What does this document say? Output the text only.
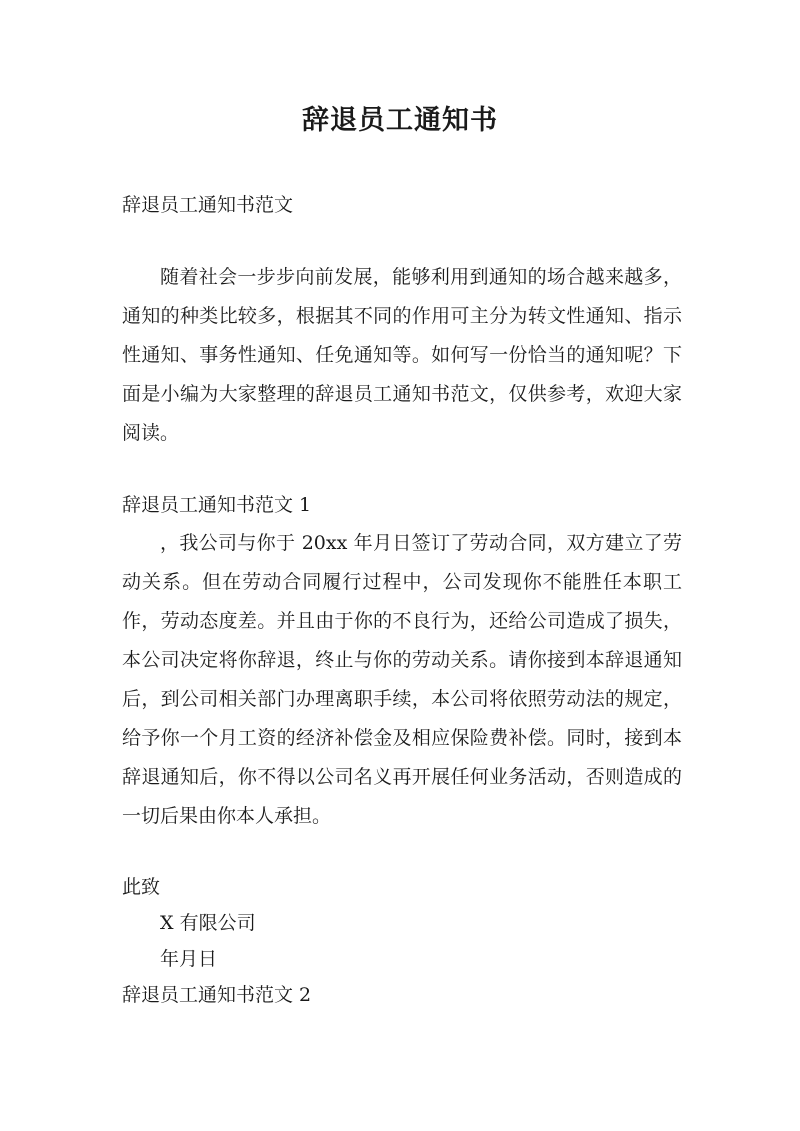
辞退员工通知书

辞退员工通知书范文

随着社会一步步向前发展，能够利用到通知的场合越来越多，通知的种类比较多，根据其不同的作用可主分为转文性通知、指示性通知、事务性通知、任免通知等。如何写一份恰当的通知呢？下面是小编为大家整理的辞退员工通知书范文，仅供参考，欢迎大家阅读。

辞退员工通知书范文 1

，我公司与你于 20xx 年月日签订了劳动合同，双方建立了劳动关系。但在劳动合同履行过程中，公司发现你不能胜任本职工作，劳动态度差。并且由于你的不良行为，还给公司造成了损失，本公司决定将你辞退，终止与你的劳动关系。请你接到本辞退通知后，到公司相关部门办理离职手续，本公司将依照劳动法的规定，给予你一个月工资的经济补偿金及相应保险费补偿。同时，接到本辞退通知后，你不得以公司名义再开展任何业务活动，否则造成的一切后果由你本人承担。

此致

X 有限公司

年月日

辞退员工通知书范文 2
